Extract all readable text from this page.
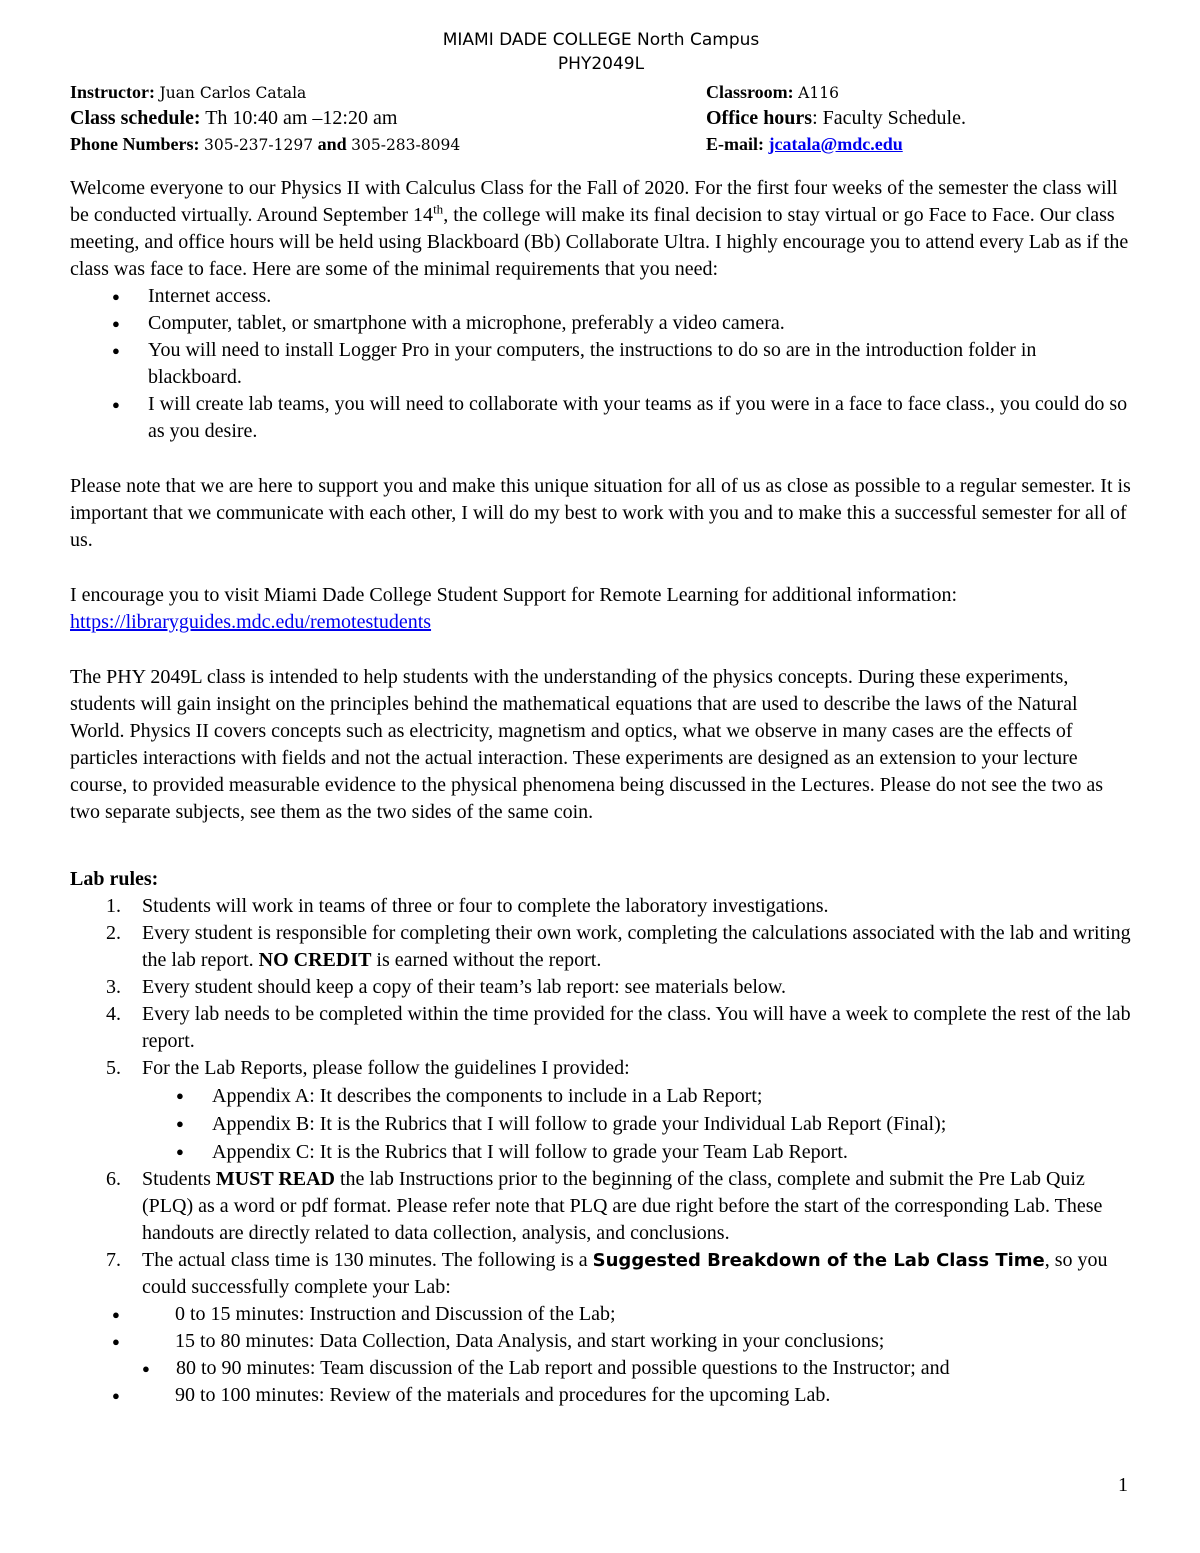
MIAMI DADE COLLEGE North Campus
PHY2049L
Instructor: Juan Carlos Catala	Classroom: A116
Class schedule: Th 10:40 am –12:20 am	Office hours: Faculty Schedule.
Phone Numbers: 305-237-1297 and 305-283-8094	E-mail: jcatala@mdc.edu

Welcome everyone to our Physics II with Calculus Class for the Fall of 2020. For the first four weeks of the semester the class will be conducted virtually. Around September 14th, the college will make its final decision to stay virtual or go Face to Face. Our class meeting, and office hours will be held using Blackboard (Bb) Collaborate Ultra. I highly encourage you to attend every Lab as if the class was face to face. Here are some of the minimal requirements that you need:

● Internet access.
● Computer, tablet, or smartphone with a microphone, preferably a video camera.
● You will need to install Logger Pro in your computers, the instructions to do so are in the introduction folder in blackboard.
● I will create lab teams, you will need to collaborate with your teams as if you were in a face to face class., you could do so as you desire.

Please note that we are here to support you and make this unique situation for all of us as close as possible to a regular semester. It is important that we communicate with each other, I will do my best to work with you and to make this a successful semester for all of us.

I encourage you to visit Miami Dade College Student Support for Remote Learning for additional information:
https://libraryguides.mdc.edu/remotestudents

The PHY 2049L class is intended to help students with the understanding of the physics concepts. During these experiments, students will gain insight on the principles behind the mathematical equations that are used to describe the laws of the Natural World. Physics II covers concepts such as electricity, magnetism and optics, what we observe in many cases are the effects of particles interactions with fields and not the actual interaction. These experiments are designed as an extension to your lecture course, to provided measurable evidence to the physical phenomena being discussed in the Lectures. Please do not see the two as two separate subjects, see them as the two sides of the same coin.

Lab rules:
1. Students will work in teams of three or four to complete the laboratory investigations.
2. Every student is responsible for completing their own work, completing the calculations associated with the lab and writing the lab report. NO CREDIT is earned without the report.
3. Every student should keep a copy of their team’s lab report: see materials below.
4. Every lab needs to be completed within the time provided for the class. You will have a week to complete the rest of the lab report.
5. For the Lab Reports, please follow the guidelines I provided:
● Appendix A: It describes the components to include in a Lab Report;
● Appendix B: It is the Rubrics that I will follow to grade your Individual Lab Report (Final);
● Appendix C: It is the Rubrics that I will follow to grade your Team Lab Report.
6. Students MUST READ the lab Instructions prior to the beginning of the class, complete and submit the Pre Lab Quiz (PLQ) as a word or pdf format. Please refer note that PLQ are due right before the start of the corresponding Lab. These handouts are directly related to data collection, analysis, and conclusions.
7. The actual class time is 130 minutes. The following is a Suggested Breakdown of the Lab Class Time, so you could successfully complete your Lab:
● 0 to 15 minutes: Instruction and Discussion of the Lab;
● 15 to 80 minutes: Data Collection, Data Analysis, and start working in your conclusions;
● 80 to 90 minutes: Team discussion of the Lab report and possible questions to the Instructor; and
● 90 to 100 minutes: Review of the materials and procedures for the upcoming Lab.
1
